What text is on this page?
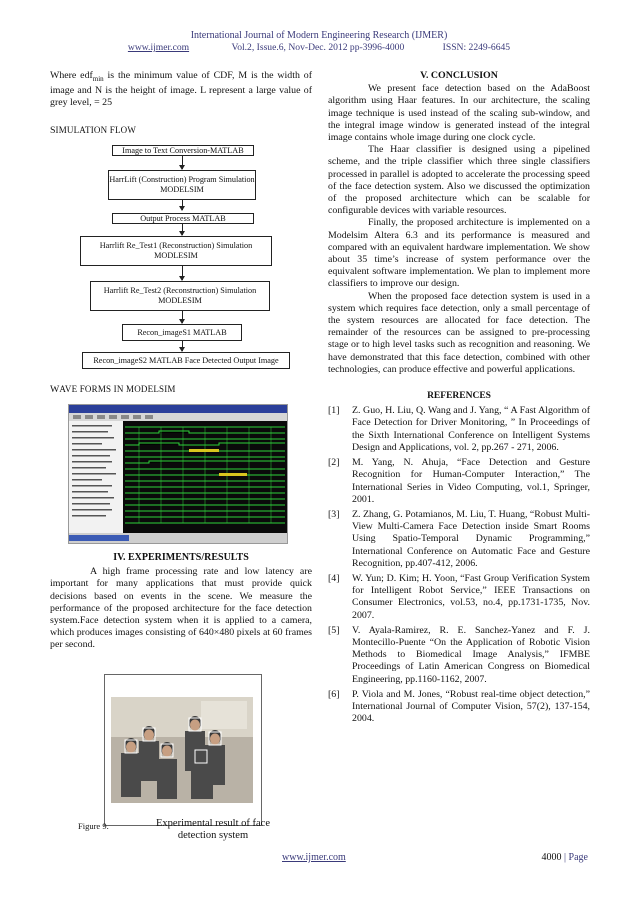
International Journal of Modern Engineering Research (IJMER)
www.ijmer.com	Vol.2, Issue.6, Nov-Dec. 2012 pp-3996-4000	ISSN: 2249-6645

Where edf$_{min}$ is the minimum value of CDF, M is the width of image and N is the height of image. L represent a large value of grey level, = 25

SIMULATION FLOW

Image to Text Conversion-MATLAB
HarrLift (Construction) Program Simulation MODELSIM
Output Process MATLAB
Harrlift Re_Test1 (Reconstruction) Simulation MODLESIM
Harrlift Re_Test2 (Reconstruction) Simulation MODLESIM
Recon_imageS1 MATLAB
Recon_imageS2 MATLAB Face Detected Output Image

WAVE FORMS IN MODELSIM

IV. EXPERIMENTS/RESULTS

A high frame processing rate and low latency are important for many applications that must provide quick decisions based on events in the scene. We measure the performance of the proposed architecture for the face detection system.Face detection system when it is applied to a camera, which produces images consisting of 640×480 pixels at 60 frames per second.

Figure 9.	Experimental result of face detection system
V. CONCLUSION

We present face detection based on the AdaBoost algorithm using Haar features. In our architecture, the scaling image technique is used instead of the scaling sub-window, and the integral image window is generated instead of the integral image contains whole image during one clock cycle.

The Haar classifier is designed using a pipelined scheme, and the triple classifier which three single classifiers processed in parallel is adopted to accelerate the processing speed of the face detection system. Also we discussed the optimization of the proposed architecture which can be scalable for configurable devices with variable resources.

Finally, the proposed architecture is implemented on a Modelsim Altera 6.3 and its performance is measured and compared with an equivalent hardware implementation. We show about 35 time’s increase of system performance over the equivalent software implementation. We plan to implement more classifiers to improve our design.

When the proposed face detection system is used in a system which requires face detection, only a small percentage of the system resources are allocated for face detection. The remainder of the resources can be assigned to pre-processing stage or to high level tasks such as recognition and reasoning. We have demonstrated that this face detection, combined with other technologies, can produce effective and powerful applications.

REFERENCES
[1]	Z. Guo, H. Liu, Q. Wang and J. Yang, “ A Fast Algorithm of Face Detection for Driver Monitoring, ” In Proceedings of the Sixth International Conference on Intelligent Systems Design and Applications, vol. 2, pp.267 - 271, 2006.
[2]	M. Yang, N. Ahuja, “Face Detection and Gesture Recognition for Human-Computer Interaction,” The International Series in Video Computing, vol.1, Springer, 2001.
[3]	Z. Zhang, G. Potamianos, M. Liu, T. Huang, “Robust Multi- View Multi-Camera Face Detection inside Smart Rooms Using Spatio-Temporal Dynamic Programming,” International Conference on Automatic Face and Gesture Recognition, pp.407-412, 2006.
[4]	W. Yun; D. Kim; H. Yoon, “Fast Group Verification System for Intelligent Robot Service,” IEEE Transactions on Consumer Electronics, vol.53, no.4, pp.1731-1735, Nov. 2007.
[5]	V. Ayala-Ramirez, R. E. Sanchez-Yanez and F. J. Montecillo-Puente “On the Application of Robotic Vision Methods to Biomedical Image Analysis,” IFMBE Proceedings of Latin American Congress on Biomedical Engineering, pp.1160-1162, 2007.
[6]	P. Viola and M. Jones, “Robust real-time object detection,” International Journal of Computer Vision, 57(2), 137-154, 2004.
www.ijmer.com	4000 | Page
